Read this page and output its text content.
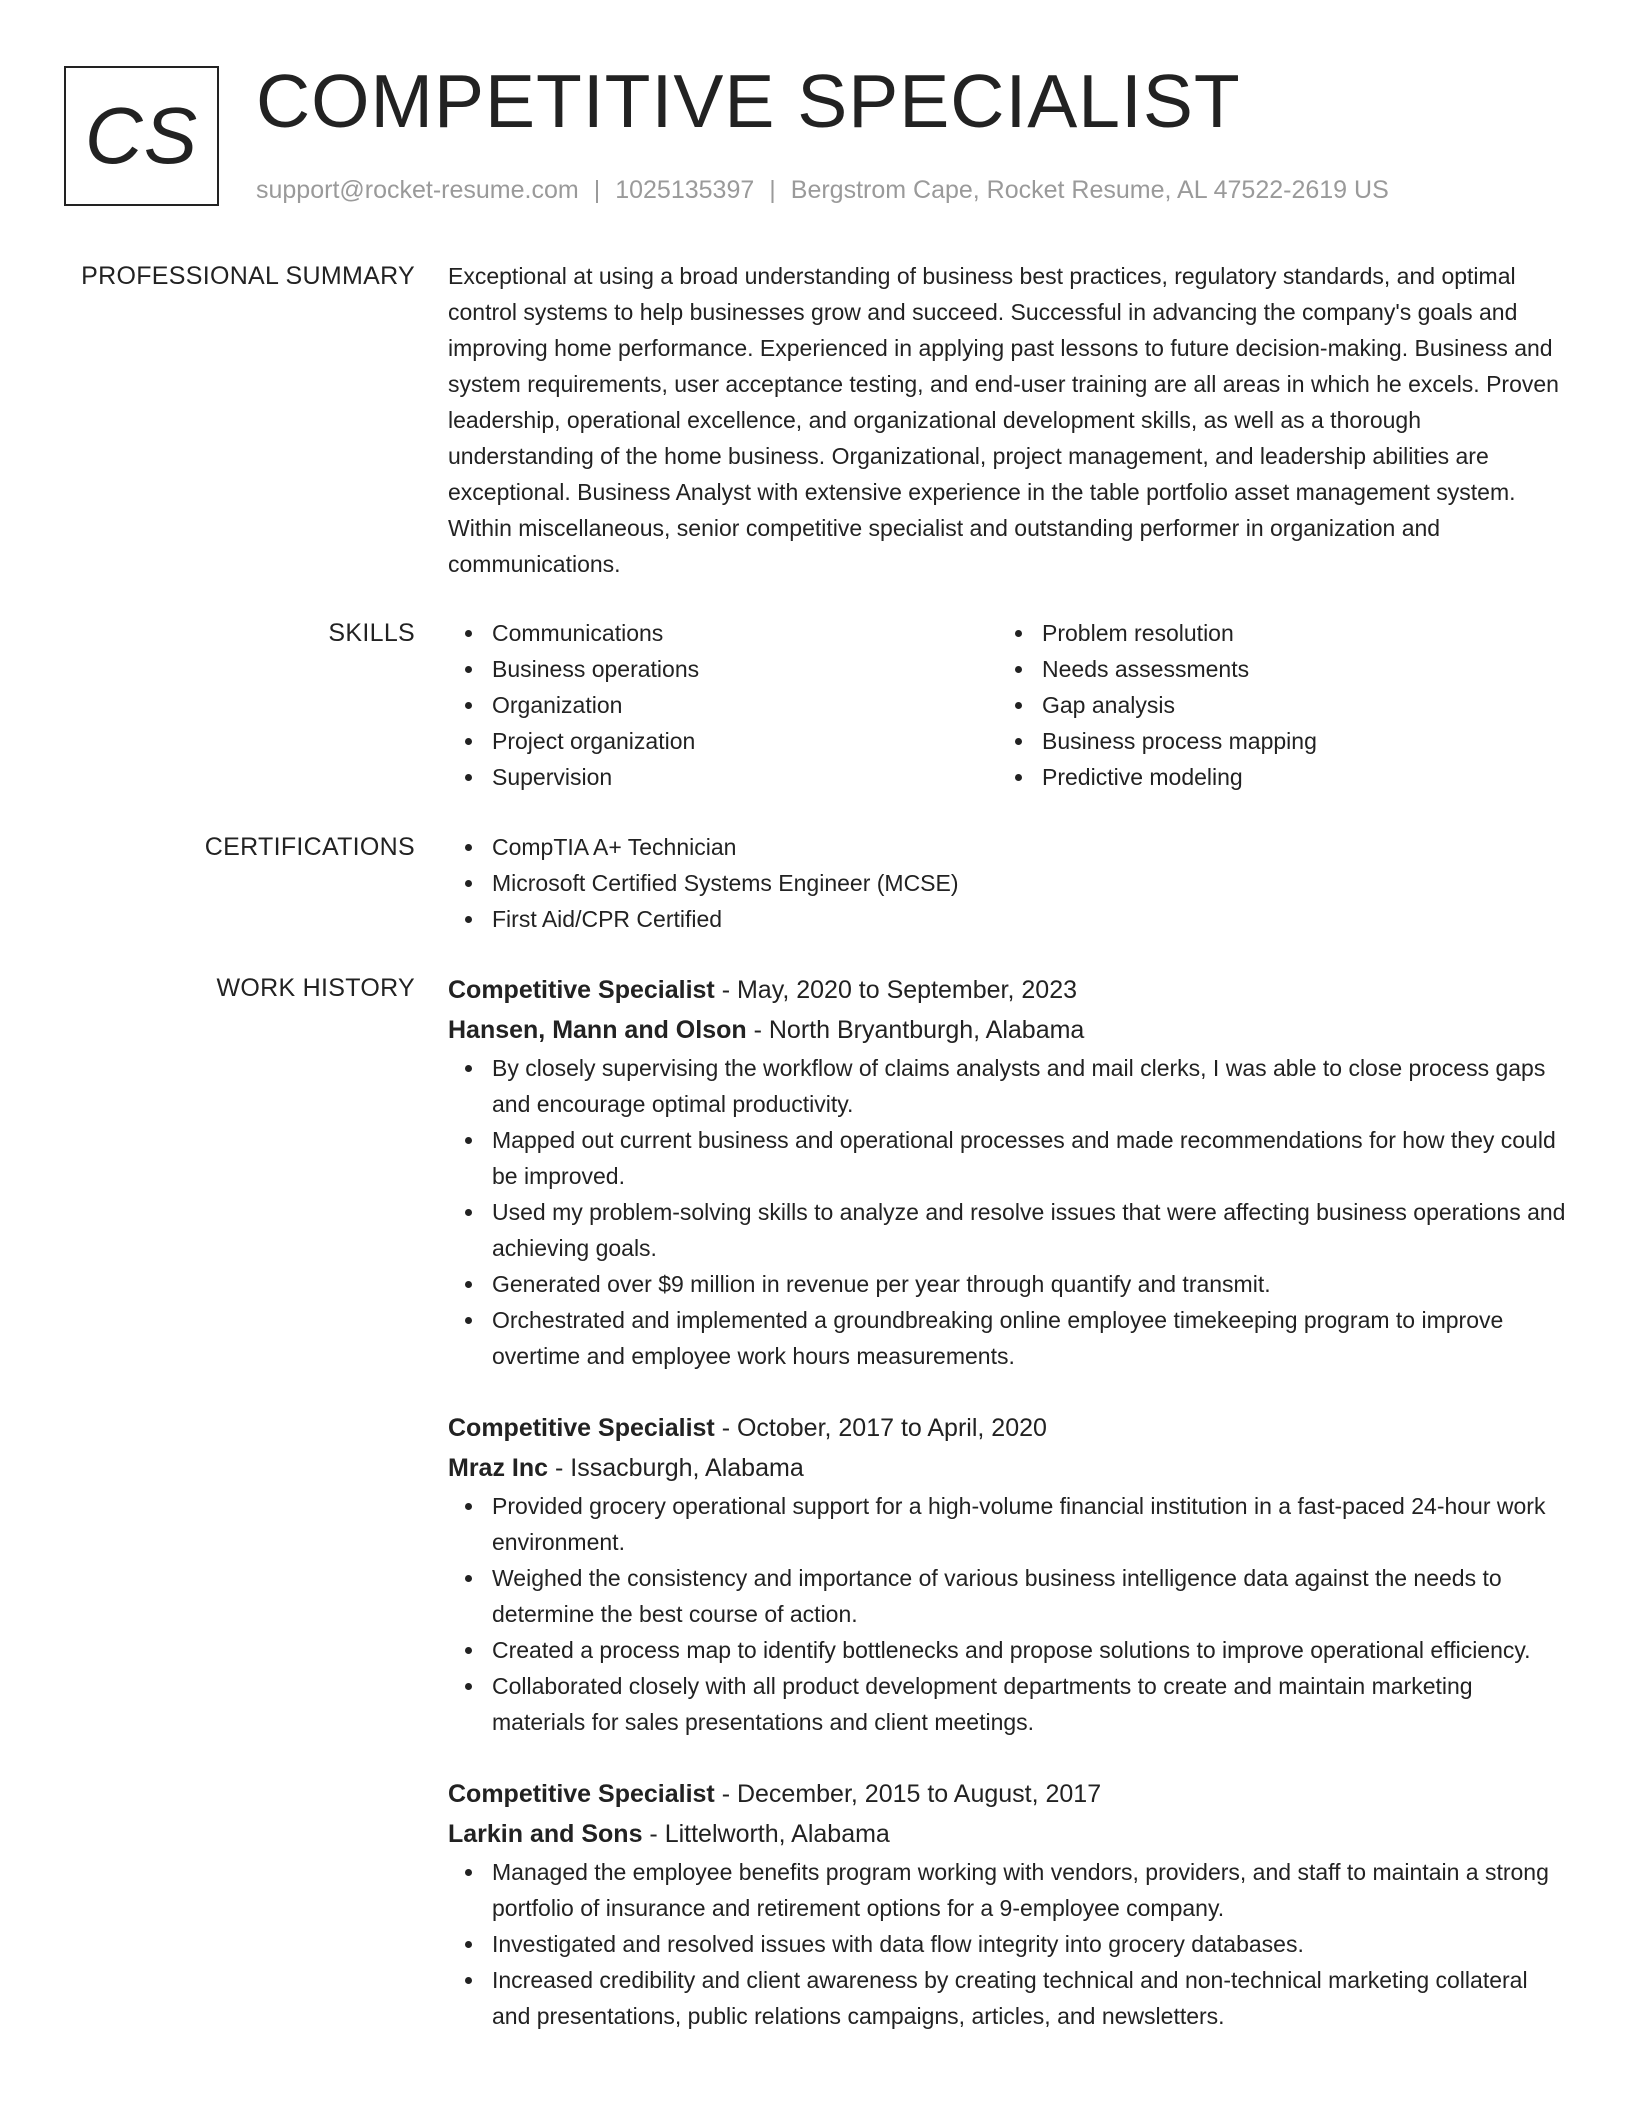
CS COMPETITIVE SPECIALIST
support@rocket-resume.com | 1025135397 | Bergstrom Cape, Rocket Resume, AL 47522-2619 US
PROFESSIONAL SUMMARY Exceptional at using a broad understanding of business best practices, regulatory standards, and optimal control systems to help businesses grow and succeed. Successful in advancing the company's goals and improving home performance. Experienced in applying past lessons to future decision-making. Business and system requirements, user acceptance testing, and end-user training are all areas in which he excels. Proven leadership, operational excellence, and organizational development skills, as well as a thorough understanding of the home business. Organizational, project management, and leadership abilities are exceptional. Business Analyst with extensive experience in the table portfolio asset management system. Within miscellaneous, senior competitive specialist and outstanding performer in organization and communications.

SKILLS	Communications
Business operations
Organization
Project organization
Supervision
Problem resolution
Needs assessments
Gap analysis
Business process mapping
Predictive modeling
CERTIFICATIONS	CompTIA A+ Technician
Microsoft Certified Systems Engineer (MCSE)
First Aid/CPR Certified
WORK HISTORY Competitive Specialist - May, 2020 to September, 2023
Hansen, Mann and Olson - North Bryantburgh, Alabama
By closely supervising the workflow of claims analysts and mail clerks, I was able to close process gaps and encourage optimal productivity.
Mapped out current business and operational processes and made recommendations for how they could be improved.
Used my problem-solving skills to analyze and resolve issues that were affecting business operations and achieving goals.
Generated over $9 million in revenue per year through quantify and transmit.
Orchestrated and implemented a groundbreaking online employee timekeeping program to improve overtime and employee work hours measurements.
Competitive Specialist - October, 2017 to April, 2020
Mraz Inc - Issacburgh, Alabama
Provided grocery operational support for a high-volume financial institution in a fast-paced 24-hour work environment.
Weighed the consistency and importance of various business intelligence data against the needs to determine the best course of action.
Created a process map to identify bottlenecks and propose solutions to improve operational efficiency.
Collaborated closely with all product development departments to create and maintain marketing materials for sales presentations and client meetings.
Competitive Specialist - December, 2015 to August, 2017
Larkin and Sons - Littelworth, Alabama
Managed the employee benefits program working with vendors, providers, and staff to maintain a strong portfolio of insurance and retirement options for a 9-employee company.
Investigated and resolved issues with data flow integrity into grocery databases.
Increased credibility and client awareness by creating technical and non-technical marketing collateral and presentations, public relations campaigns, articles, and newsletters.
